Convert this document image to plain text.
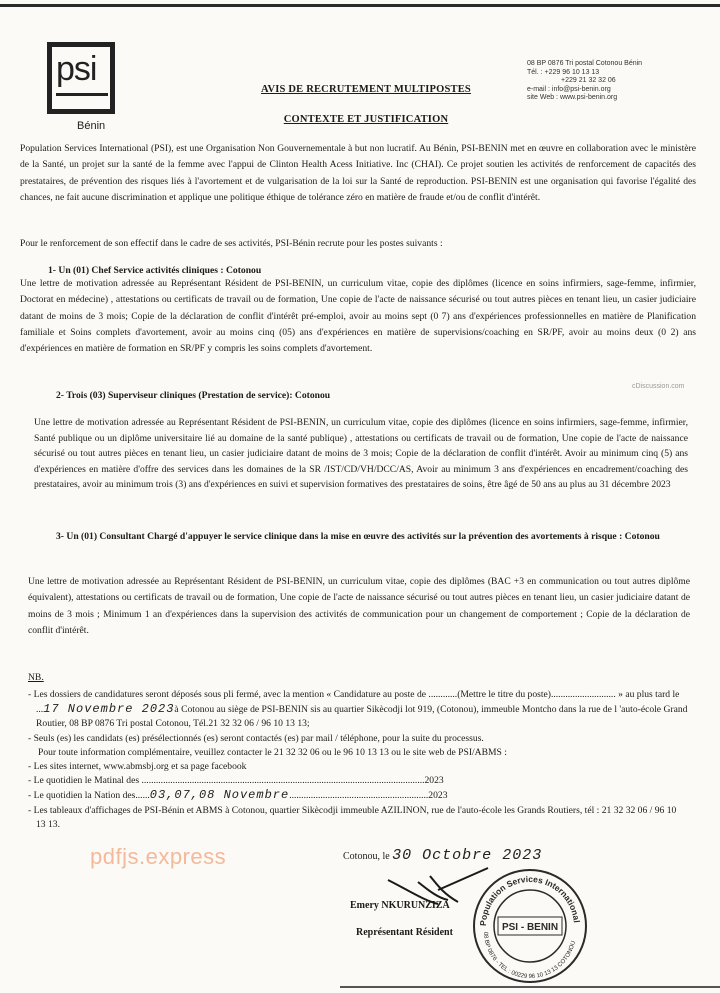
psi
Bénin
AVIS DE RECRUTEMENT MULTIPOSTES
CONTEXTE ET JUSTIFICATION
08 BP 0876 Tri postal Cotonou Bénin
Tél. : +229 96 10 13 13
+229 21 32 32 06
e-mail : info@psi-benin.org
site Web : www.psi-benin.org

Population Services International (PSI), est une Organisation Non Gouvernementale à but non lucratif. Au Bénin, PSI-BENIN met en œuvre en collaboration avec le ministère de la Santé, un projet sur la santé de la femme avec l'appui de Clinton Health Acess Initiative. Inc (CHAI). Ce projet soutien les activités de renforcement de capacités des prestataires, de prévention des risques liés à l'avortement et de vulgarisation de la loi sur la Santé de reproduction. PSI-BENIN est une organisation qui favorise l'égalité des chances, ne fait aucune discrimination et applique une politique éthique de tolérance zéro en matière de fraude et/ou de conflit d'intérêt.

Pour le renforcement de son effectif dans le cadre de ses activités, PSI-Bénin recrute pour les postes suivants :

1- Un (01) Chef Service activités cliniques : Cotonou

Une lettre de motivation adressée au Représentant Résident de PSI-BENIN, un curriculum vitae, copie des diplômes (licence en soins infirmiers, sage-femme, infirmier, Doctorat en médecine) , attestations ou certificats de travail ou de formation, Une copie de l'acte de naissance sécurisé ou tout autres pièces en tenant lieu, un casier judiciaire datant de moins de 3 mois; Copie de la déclaration de conflit d'intérêt pré-emploi, avoir au moins sept (0 7) ans d'expériences professionnelles en matière de Planification familiale et Soins complets d'avortement, avoir au moins cinq (05) ans d'expériences en matière de supervisions/coaching en SR/PF, avoir au moins deux (0 2) ans d'expériences en matière de formation en SR/PF y compris les soins complets d'avortement.

2- Trois (03) Superviseur cliniques (Prestation de service): Cotonou

Une lettre de motivation adressée au Représentant Résident de PSI-BENIN, un curriculum vitae, copie des diplômes (licence en soins infirmiers, sage-femme, infirmier, Santé publique ou un diplôme universitaire lié au domaine de la santé publique) , attestations ou certificats de travail ou de formation, Une copie de l'acte de naissance sécurisé ou tout autres pièces en tenant lieu, un casier judiciaire datant de moins de 3 mois; Copie de la déclaration de conflit d'intérêt. Avoir au minimum cinq (5) ans d'expériences en matière d'offre des services dans les domaines de la SR /IST/CD/VH/DCC/AS, Avoir au minimum 3 ans d'expériences en encadrement/coaching des prestataires, avoir au minimum trois (3) ans d'expériences en suivi et supervision formatives des prestataires de soins, être âgé de 50 ans au plus au 31 décembre 2023

3- Un (01) Consultant Chargé d'appuyer le service clinique dans la mise en œuvre des activités sur la prévention des avortements à risque : Cotonou

Une lettre de motivation adressée au Représentant Résident de PSI-BENIN, un curriculum vitae, copie des diplômes (BAC +3 en communication ou tout autres diplôme équivalent), attestations ou certificats de travail ou de formation, Une copie de l'acte de naissance sécurisé ou tout autres pièces en tenant lieu, un casier judiciaire datant de moins de 3 mois ; Minimum 1 an d'expériences dans la supervision des activités de communication pour un changement de comportement ; Copie de la déclaration de conflit d'intérêt.

cDiscussion.com
NB.
- Les dossiers de candidatures seront déposés sous pli fermé, avec la mention « Candidature au poste de ............(Mettre le titre du poste)........................... » au plus tard le ...17 Novembre 2023à Cotonou au siège de PSI-BENIN sis au quartier Sikècodji lot 919, (Cotonou), immeuble Montcho dans la rue de l 'auto-école Grand Routier, 08 BP 0876 Tri postal Cotonou, Tél.21 32 32 06 / 96 10 13 13;
- Seuls (es) les candidats (es) présélectionnés (es) seront contactés (es) par mail / téléphone, pour la suite du processus.
Pour toute information complémentaire, veuillez contacter le 21 32 32 06 ou le 96 10 13 13 ou le site web de PSI/ABMS :
- Les sites internet, www.abmsbj.org et sa page facebook
- Le quotidien le Matinal des ......................................................................................................................2023
- Le quotidien la Nation des......03,07,08 Novembre..........................................................2023
- Les tableaux d'affichages de PSI-Bénin et ABMS à Cotonou, quartier Sikècodji immeuble AZILINON, rue de l'auto-école les Grands Routiers, tél : 21 32 32 06 / 96 10 13 13.
pdfjs.express	Cotonou, le 30 Octobre 2023
Emery NKURUNZIZA
Représentant Résident
Population Services International
08 BP 0876 - TEL : 00229 96 10 13 13 COTONOU
PSI - BENIN
